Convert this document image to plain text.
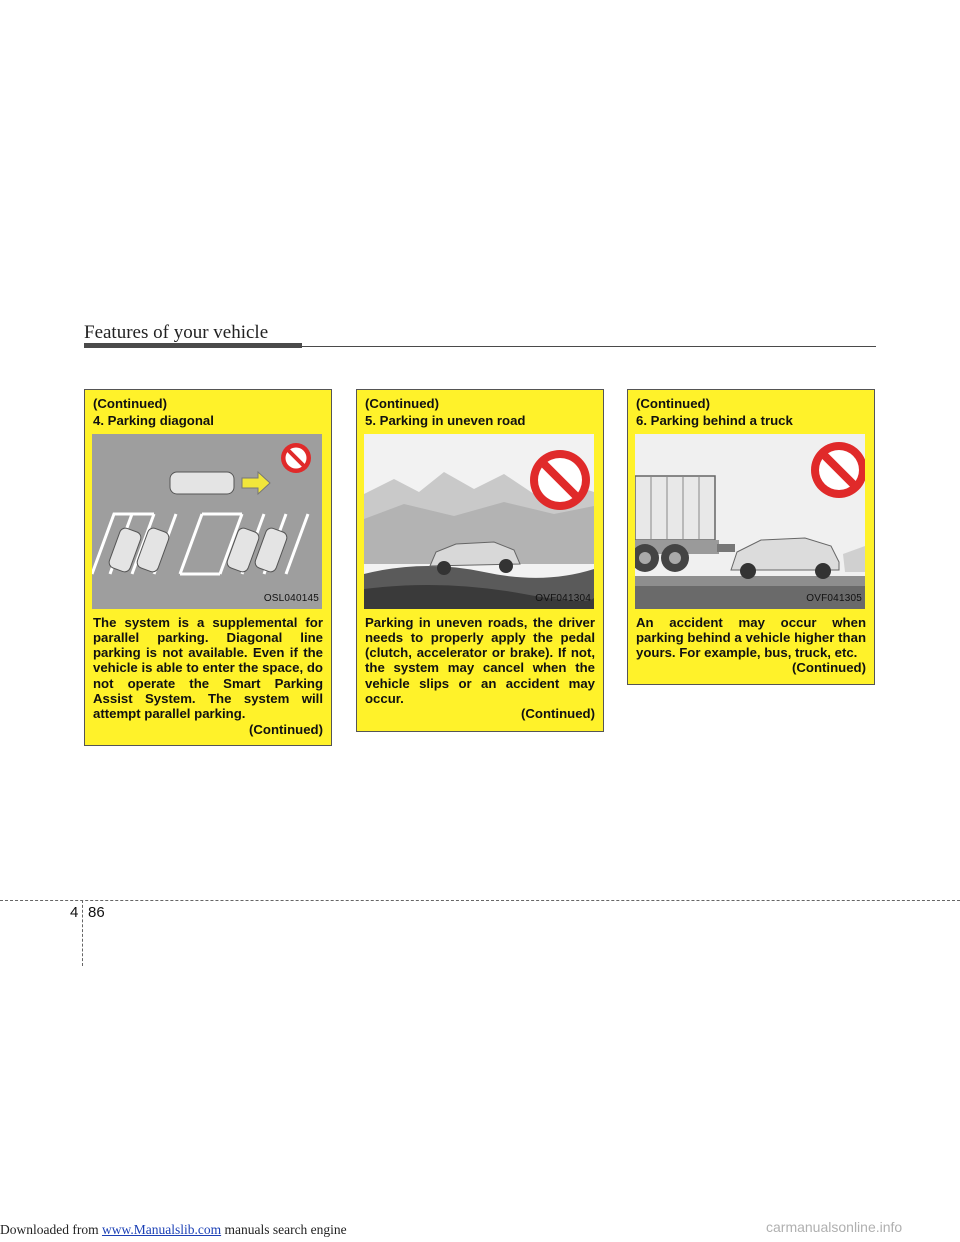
Features of your vehicle
(Continued)
4. Parking diagonal
OSL040145
The system is a supplemental for parallel parking. Diagonal line parking is not available. Even if the vehicle is able to enter the space, do not operate the Smart Parking Assist System. The system will attempt parallel parking.
(Continued)
(Continued)
5. Parking in uneven road
OVF041304
Parking in uneven roads, the driver needs to properly apply the pedal (clutch, accelerator or brake). If not, the system may cancel when the vehicle slips or an accident may occur.
(Continued)
(Continued)
6. Parking behind a truck
OVF041305
An accident may occur when parking behind a vehicle higher than yours. For example, bus, truck, etc.
(Continued)
4 86
Downloaded from www.Manualslib.com manuals search engine	carmanualsonline.info
